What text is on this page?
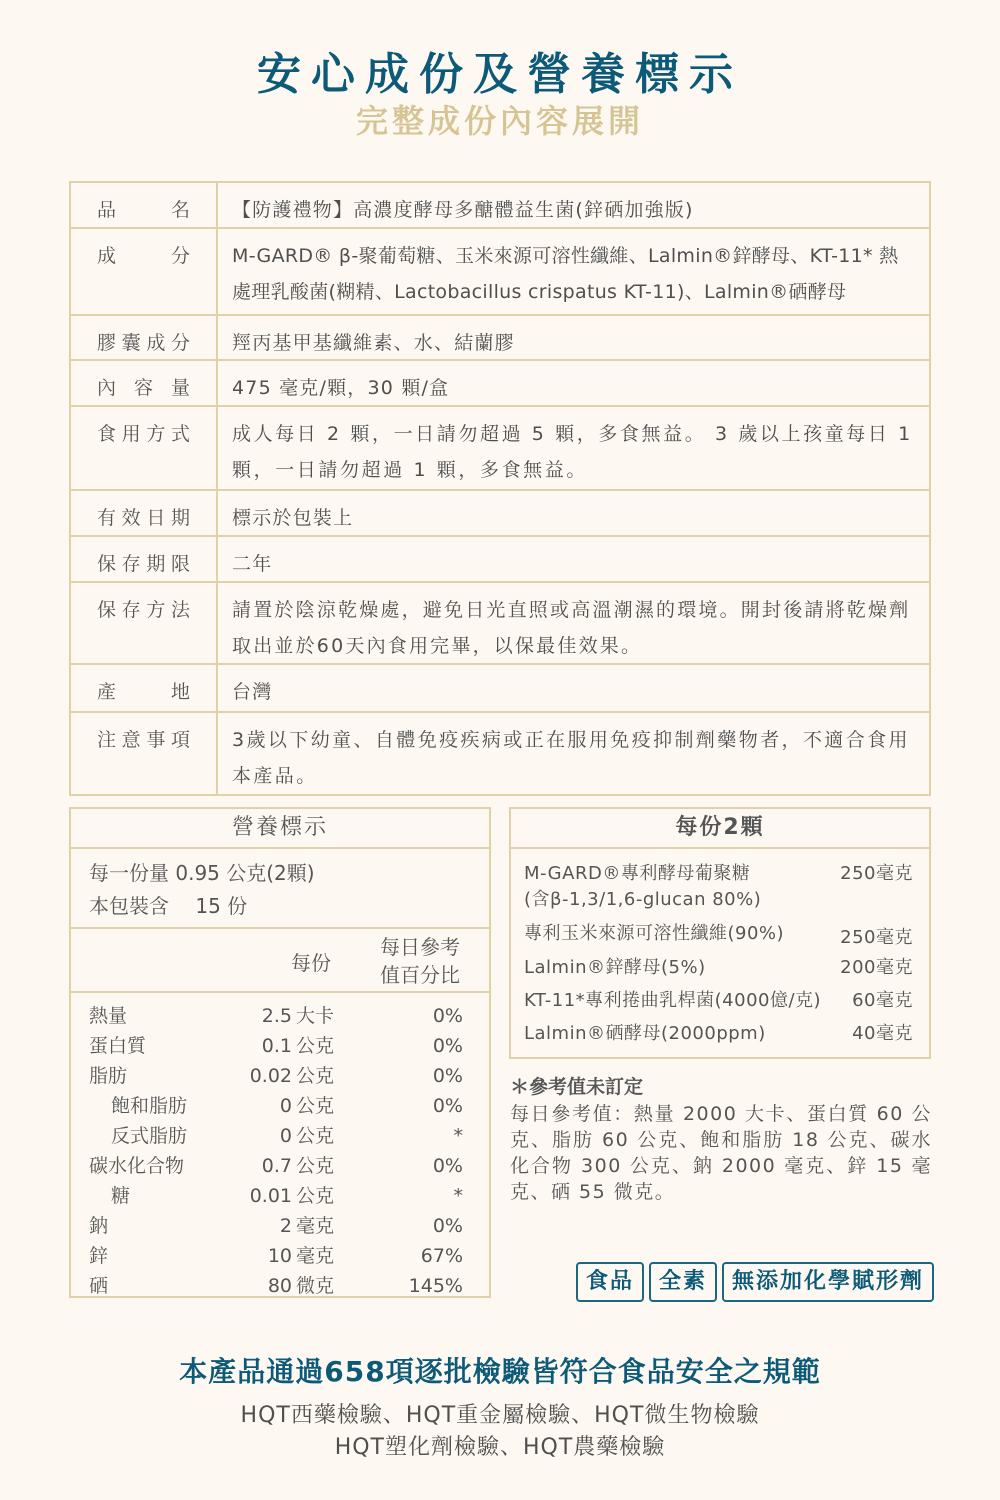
安心成份及營養標示
完整成份內容展開
品	名	【防護禮物】高濃度酵母多醣體益生菌(鋅硒加強版)
成	分	M-GARD® β-聚葡萄糖、玉米來源可溶性纖維、Lalmin®鋅酵母、KT-11* 熱處理乳酸菌(糊精、Lactobacillus crispatus KT-11)、Lalmin®硒酵母
膠 囊 成 分	羥丙基甲基纖維素、水、結蘭膠
內 容 量	475 毫克/顆，30 顆/盒
食 用 方 式	成人每日 2 顆，一日請勿超過 5 顆，多食無益。 3 歲以上孩童每日 1 顆，一日請勿超過 1 顆，多食無益。
有 效 日 期	標示於包裝上
保 存 期 限	二年
保 存 方 法	請置於陰涼乾燥處，避免日光直照或高溫潮濕的環境。開封後請將乾燥劑取出並於60天內食用完畢，以保最佳效果。
產	地	台灣
注 意 事 項	3歲以下幼童、自體免疫疾病或正在服用免疫抑制劑藥物者，不適合食用本產品。
營養標示
每一份量 0.95 公克(2顆)
本包裝含　 15 份
每份
每日參考
值百分比
熱量	2.5 大卡	0%
蛋白質	0.1 公克	0%
脂肪	0.02 公克	0%
飽和脂肪	0 公克	0%
反式脂肪	0 公克	*
碳水化合物	0.7 公克	0%
糖	0.01 公克	*
鈉	2 毫克	0%
鋅	10 毫克	67%
硒	80 微克	145%
每份2顆
M-GARD®專利酵母葡聚糖
(含β-1,3/1,6-glucan 80%)
250毫克
專利玉米來源可溶性纖維(90%)	250毫克
Lalmin®鋅酵母(5%)	200毫克
KT-11*專利捲曲乳桿菌(4000億/克) 60毫克
Lalmin®硒酵母(2000ppm)	40毫克
＊參考值未訂定
每日參考值：熱量 2000 大卡、蛋白質 60 公克、脂肪 60 公克、飽和脂肪 18 公克、碳水化合物 300 公克、鈉 2000 毫克、鋅 15 毫克、硒 55 微克。
食品	全素	無添加化學賦形劑
本產品通過658項逐批檢驗皆符合食品安全之規範
HQT西藥檢驗、HQT重金屬檢驗、HQT微生物檢驗
HQT塑化劑檢驗、HQT農藥檢驗
